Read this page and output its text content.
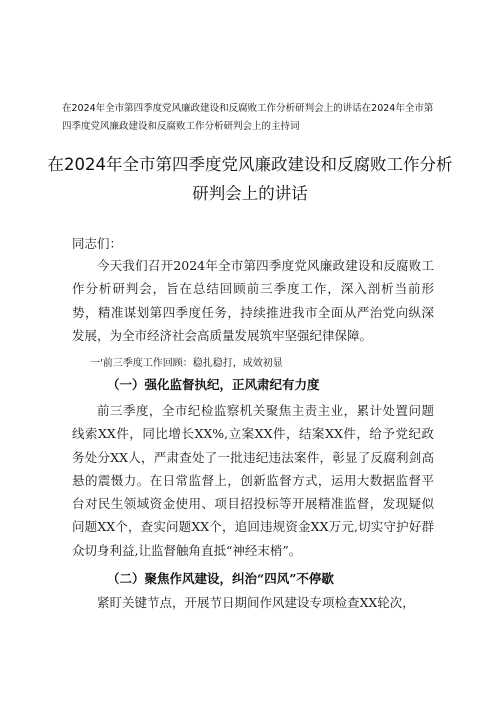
在2024年全市第四季度党风廉政建设和反腐败工作分析研判会上的讲话在2024年全市第四季度党风廉政建设和反腐败工作分析研判会上的主持词
在2024年全市第四季度党风廉政建设和反腐败工作分析
研判会上的讲话
同志们：
今天我们召开2024年全市第四季度党风廉政建设和反腐败工作分析研判会，旨在总结回顾前三季度工作，深入剖析当前形势，精准谋划第四季度任务，持续推进我市全面从严治党向纵深发展，为全市经济社会高质量发展筑牢坚强纪律保障。
一'前三季度工作回顾：稳扎稳打，成效初显
（一）强化监督执纪，正风肃纪有力度
前三季度，全市纪检监察机关聚焦主责主业，累计处置问题线索XX件，同比增长XX%,立案XX件，结案XX件，给予党纪政务处分XX人，严肃查处了一批违纪违法案件，彰显了反腐利剑高悬的震慑力。在日常监督上，创新监督方式，运用大数据监督平台对民生领域资金使用、项目招投标等开展精准监督，发现疑似问题XX个，查实问题XX个，追回违规资金XX万元,切实守护好群众切身利益,让监督触角直抵“神经末梢”。
（二）聚焦作风建设，纠治“四风”不停歇
紧盯关键节点，开展节日期间作风建设专项检查XX轮次，
